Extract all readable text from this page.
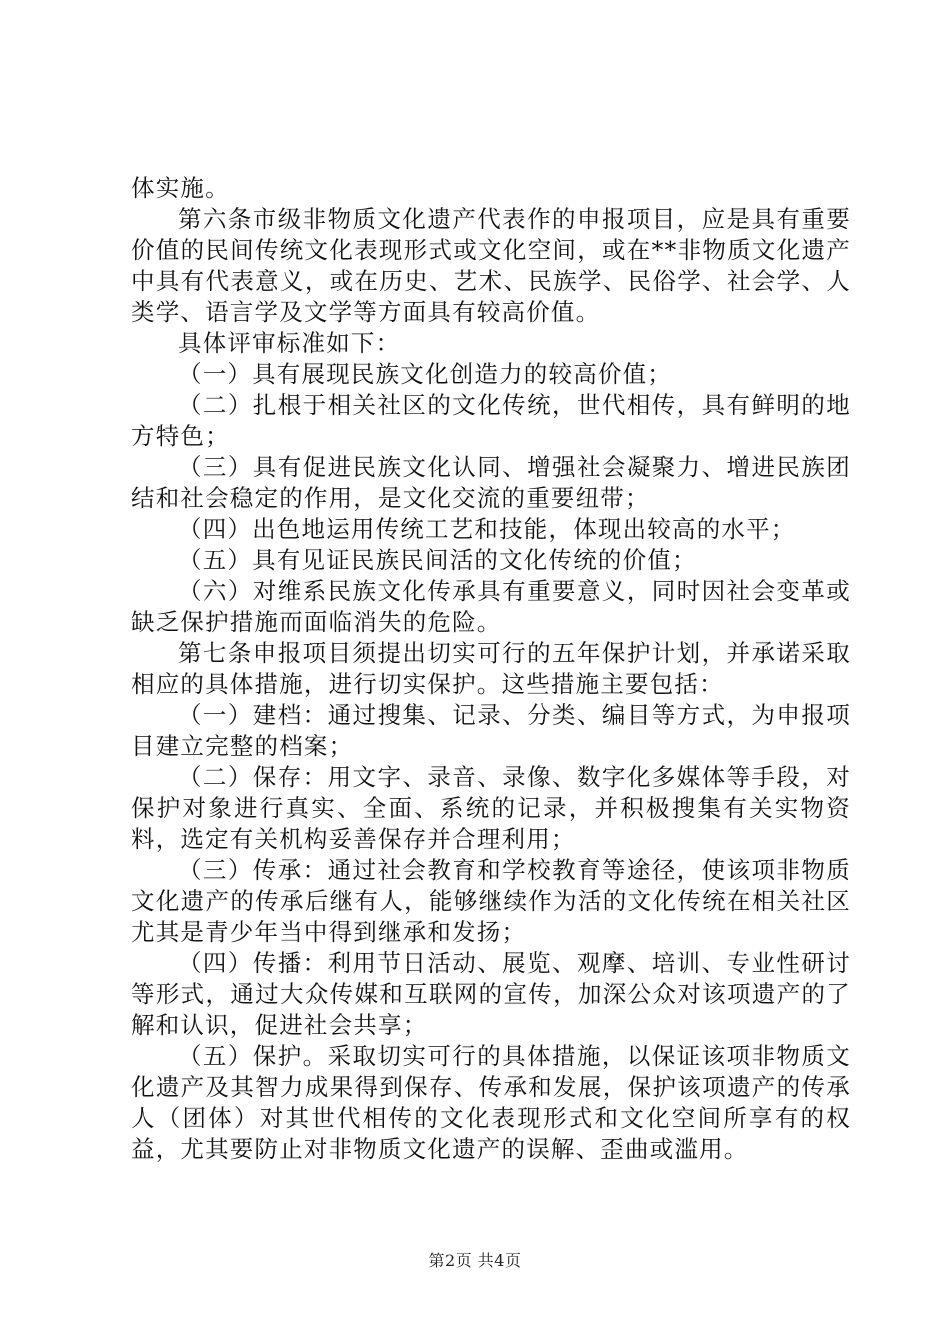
体实施。

第六条市级非物质文化遗产代表作的申报项目，应是具有重要价值的民间传统文化表现形式或文化空间，或在**非物质文化遗产中具有代表意义，或在历史、艺术、民族学、民俗学、社会学、人类学、语言学及文学等方面具有较高价值。

具体评审标准如下：

（一）具有展现民族文化创造力的较高价值；

（二）扎根于相关社区的文化传统，世代相传，具有鲜明的地方特色；

（三）具有促进民族文化认同、增强社会凝聚力、增进民族团结和社会稳定的作用，是文化交流的重要纽带；

（四）出色地运用传统工艺和技能，体现出较高的水平；

（五）具有见证民族民间活的文化传统的价值；

（六）对维系民族文化传承具有重要意义，同时因社会变革或缺乏保护措施而面临消失的危险。

第七条申报项目须提出切实可行的五年保护计划，并承诺采取相应的具体措施，进行切实保护。这些措施主要包括：

（一）建档：通过搜集、记录、分类、编目等方式，为申报项目建立完整的档案；

（二）保存：用文字、录音、录像、数字化多媒体等手段，对保护对象进行真实、全面、系统的记录，并积极搜集有关实物资料，选定有关机构妥善保存并合理利用；

（三）传承：通过社会教育和学校教育等途径，使该项非物质文化遗产的传承后继有人，能够继续作为活的文化传统在相关社区尤其是青少年当中得到继承和发扬；

（四）传播：利用节日活动、展览、观摩、培训、专业性研讨等形式，通过大众传媒和互联网的宣传，加深公众对该项遗产的了解和认识，促进社会共享；

（五）保护。采取切实可行的具体措施，以保证该项非物质文化遗产及其智力成果得到保存、传承和发展，保护该项遗产的传承人（团体）对其世代相传的文化表现形式和文化空间所享有的权益，尤其要防止对非物质文化遗产的误解、歪曲或滥用。

第2页 共4页
